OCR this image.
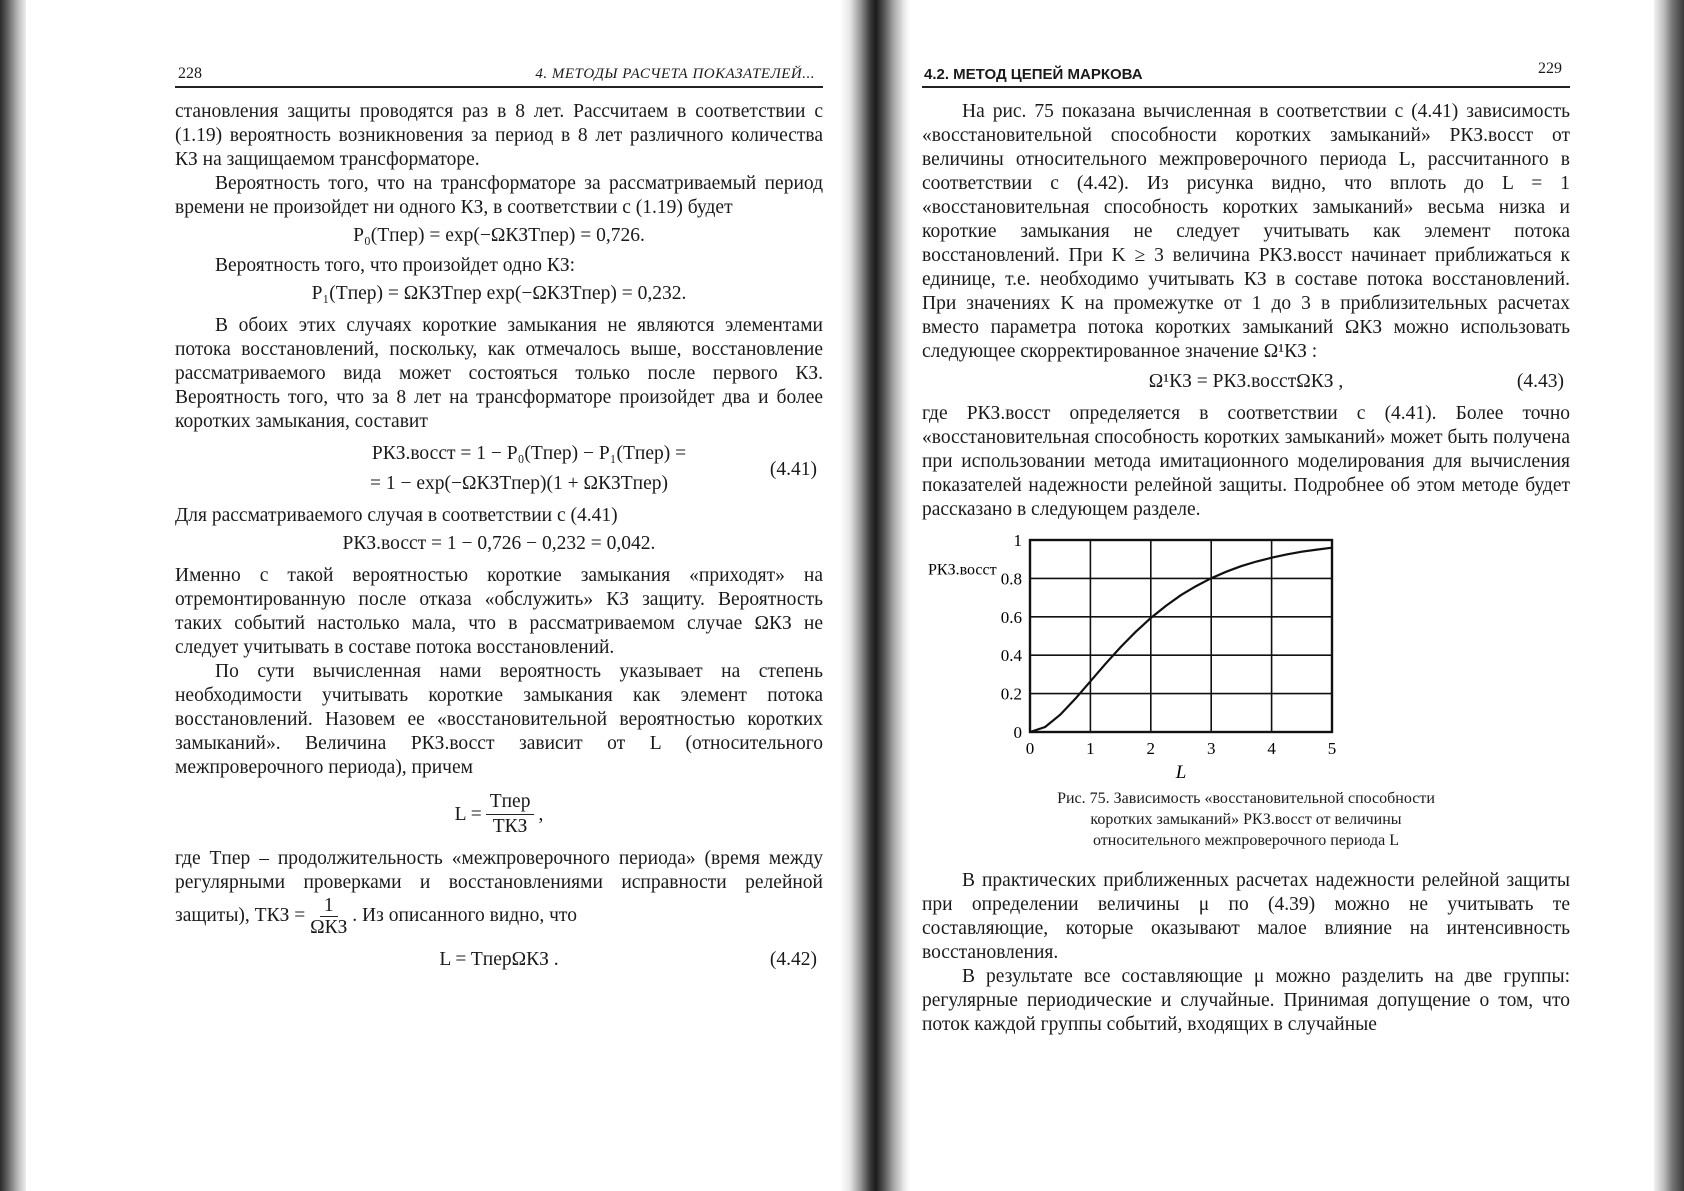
228	4. МЕТОДЫ РАСЧЕТА ПОКАЗАТЕЛЕЙ...

становления защиты проводятся раз в 8 лет. Рассчитаем в соответствии с (1.19) вероятность возникновения за период в 8 лет различного количества КЗ на защищаемом трансформаторе.

Вероятность того, что на трансформаторе за рассматриваемый период времени не произойдет ни одного КЗ, в соответствии с (1.19) будет

P₀(Tпер) = exp(−ΩКЗTпер) = 0,726.

Вероятность того, что произойдет одно КЗ:

P₁(Tпер) = ΩКЗTпер exp(−ΩКЗTпер) = 0,232.

В обоих этих случаях короткие замыкания не являются элементами потока восстановлений, поскольку, как отмечалось выше, восстановление рассматриваемого вида может состояться только после первого КЗ. Вероятность того, что за 8 лет на трансформаторе произойдет два и более коротких замыкания, составит

PКЗ.восст = 1 − P₀(Tпер) − P₁(Tпер) =
= 1 − exp(−ΩКЗTпер)(1 + ΩКЗTпер)
(4.41)

Для рассматриваемого случая в соответствии с (4.41)

PКЗ.восст = 1 − 0,726 − 0,232 = 0,042.

Именно с такой вероятностью короткие замыкания «приходят» на отремонтированную после отказа «обслужить» КЗ защиту. Вероятность таких событий настолько мала, что в рассматриваемом случае ΩКЗ не следует учитывать в составе потока восстановлений.

По сути вычисленная нами вероятность указывает на степень необходимости учитывать короткие замыкания как элемент потока восстановлений. Назовем ее «восстановительной вероятностью коротких замыканий». Величина PКЗ.восст зависит от L (относительного межпроверочного периода), причем

L =
Tпер
TКЗ
,

где Tпер – продолжительность «межпроверочного периода» (время между регулярными проверками и восстановлениями исправности релейной защиты), TКЗ = 1
ΩКЗ
. Из описанного видно, что

L = TперΩКЗ .	(4.42)
4.2. МЕТОД ЦЕПЕЙ МАРКОВА	229

На рис. 75 показана вычисленная в соответствии с (4.41) зависимость «восстановительной способности коротких замыканий» PКЗ.восст от величины относительного межпроверочного периода L, рассчитанного в соответствии с (4.42). Из рисунка видно, что вплоть до L = 1 «восстановительная способность коротких замыканий» весьма низка и короткие замыкания не следует учитывать как элемент потока восстановлений. При K ≥ 3 величина PКЗ.восст начинает приближаться к единице, т.е. необходимо учитывать КЗ в составе потока восстановлений. При значениях K на промежутке от 1 до 3 в приблизительных расчетах вместо параметра потока коротких замыканий ΩКЗ можно использовать следующее скорректированное значение Ω¹КЗ :

Ω¹КЗ = PКЗ.восстΩКЗ ,	(4.43)

где PКЗ.восст определяется в соответствии с (4.41). Более точно «восстановительная способность коротких замыканий» может быть получена при использовании метода имитационного моделирования для вычисления показателей надежности релейной защиты. Подробнее об этом методе будет рассказано в следующем разделе.

0	1	2	3	4	5
0
0.2
0.4
0.6
0.8
1
PКЗ.восст
L
Рис. 75. Зависимость «восстановительной способности
коротких замыканий» PКЗ.восст от величины
относительного межпроверочного периода L

В практических приближенных расчетах надежности релейной защиты при определении величины μ по (4.39) можно не учитывать те составляющие, которые оказывают малое влияние на интенсивность восстановления.

В результате все составляющие μ можно разделить на две группы: регулярные периодические и случайные. Принимая допущение о том, что поток каждой группы событий, входящих в случайные
